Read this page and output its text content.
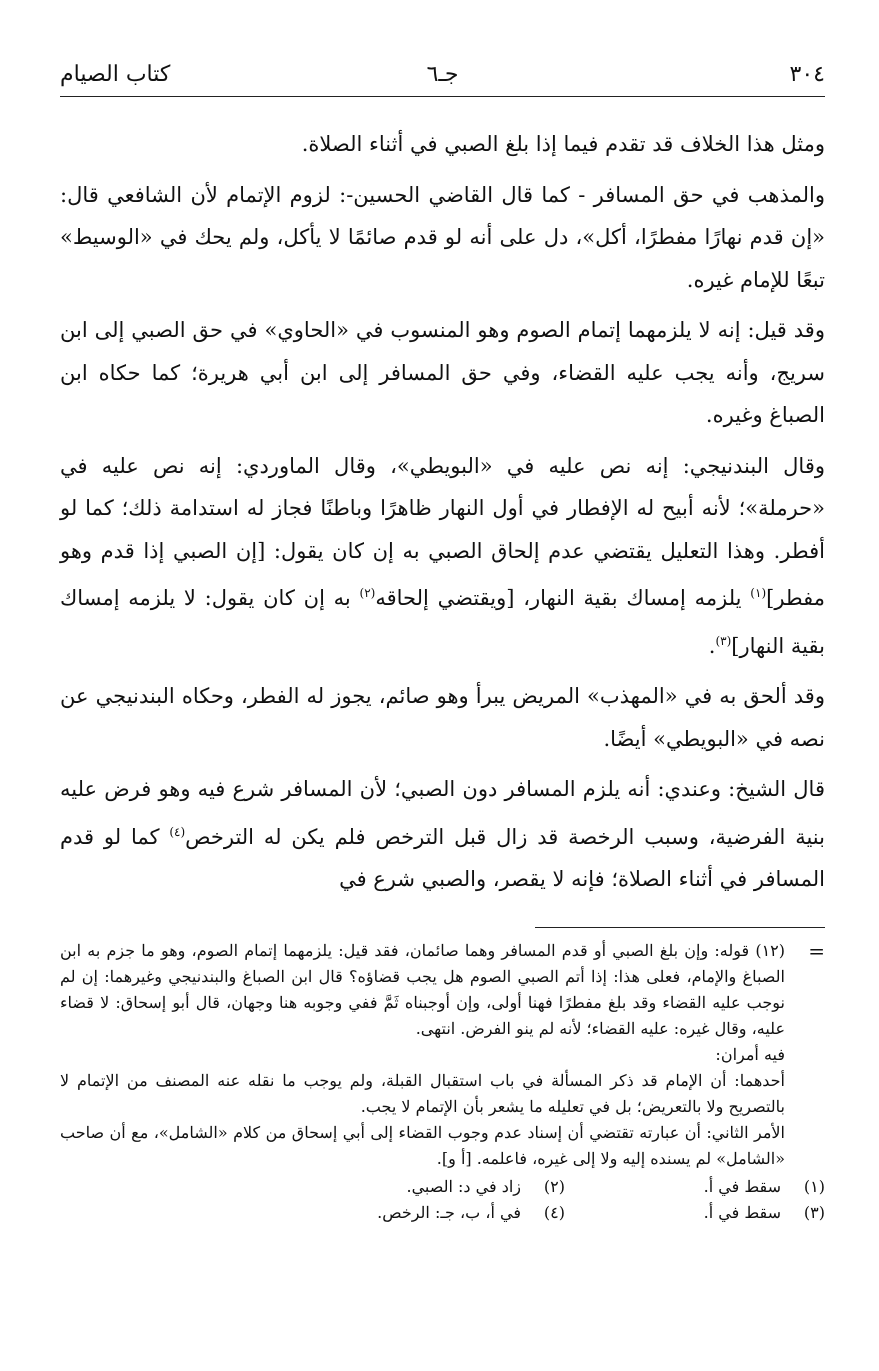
٣٠٤
جـ٦
كتاب الصيام

ومثل هذا الخلاف قد تقدم فيما إذا بلغ الصبي في أثناء الصلاة.

والمذهب في حق المسافر - كما قال القاضي الحسين-: لزوم الإتمام لأن الشافعي قال: «إن قدم نهارًا مفطرًا، أكل»، دل على أنه لو قدم صائمًا لا يأكل، ولم يحك في «الوسيط» تبعًا للإمام غيره.

وقد قيل: إنه لا يلزمهما إتمام الصوم وهو المنسوب في «الحاوي» في حق الصبي إلى ابن سريج، وأنه يجب عليه القضاء، وفي حق المسافر إلى ابن أبي هريرة؛ كما حكاه ابن الصباغ وغيره.

وقال البندنيجي: إنه نص عليه في «البويطي»، وقال الماوردي: إنه نص عليه في «حرملة»؛ لأنه أبيح له الإفطار في أول النهار ظاهرًا وباطنًا فجاز له استدامة ذلك؛ كما لو أفطر. وهذا التعليل يقتضي عدم إلحاق الصبي به إن كان يقول: [إن الصبي إذا قدم وهو مفطر]$^{(١)}$ يلزمه إمساك بقية النهار، [ويقتضي إلحاقه$^{(٢)}$ به إن كان يقول: لا يلزمه إمساك بقية النهار]$^{(٣)}$.

وقد ألحق به في «المهذب» المريض يبرأ وهو صائم، يجوز له الفطر، وحكاه البندنيجي عن نصه في «البويطي» أيضًا.

قال الشيخ: وعندي: أنه يلزم المسافر دون الصبي؛ لأن المسافر شرع فيه وهو فرض عليه بنية الفرضية، وسبب الرخصة قد زال قبل الترخص فلم يكن له الترخص$^{(٤)}$ كما لو قدم المسافر في أثناء الصلاة؛ فإنه لا يقصر، والصبي شرع في

=

(١٢) قوله: وإن بلغ الصبي أو قدم المسافر وهما صائمان، فقد قيل: يلزمهما إتمام الصوم، وهو ما جزم به ابن الصباغ والإمام، فعلى هذا: إذا أتم الصبي الصوم هل يجب قضاؤه؟ قال ابن الصباغ والبندنيجي وغيرهما: إن لم نوجب عليه القضاء وقد بلغ مفطرًا فهنا أولى، وإن أوجبناه ثَمَّ ففي وجوبه هنا وجهان، قال أبو إسحاق: لا قضاء عليه، وقال غيره: عليه القضاء؛ لأنه لم ينو الفرض. انتهى.

فيه أمران:

أحدهما: أن الإمام قد ذكر المسألة في باب استقبال القبلة، ولم يوجب ما نقله عنه المصنف من الإتمام لا بالتصريح ولا بالتعريض؛ بل في تعليله ما يشعر بأن الإتمام لا يجب.

الأمر الثاني: أن عبارته تقتضي أن إسناد عدم وجوب القضاء إلى أبي إسحاق من كلام «الشامل»، مع أن صاحب «الشامل» لم يسنده إليه ولا إلى غيره، فاعلمه. [أ و].

(١)
سقط في أ.
(٢)
زاد في د: الصبي.
(٣)
سقط في أ.
(٤)
في أ، ب، جـ: الرخص.
